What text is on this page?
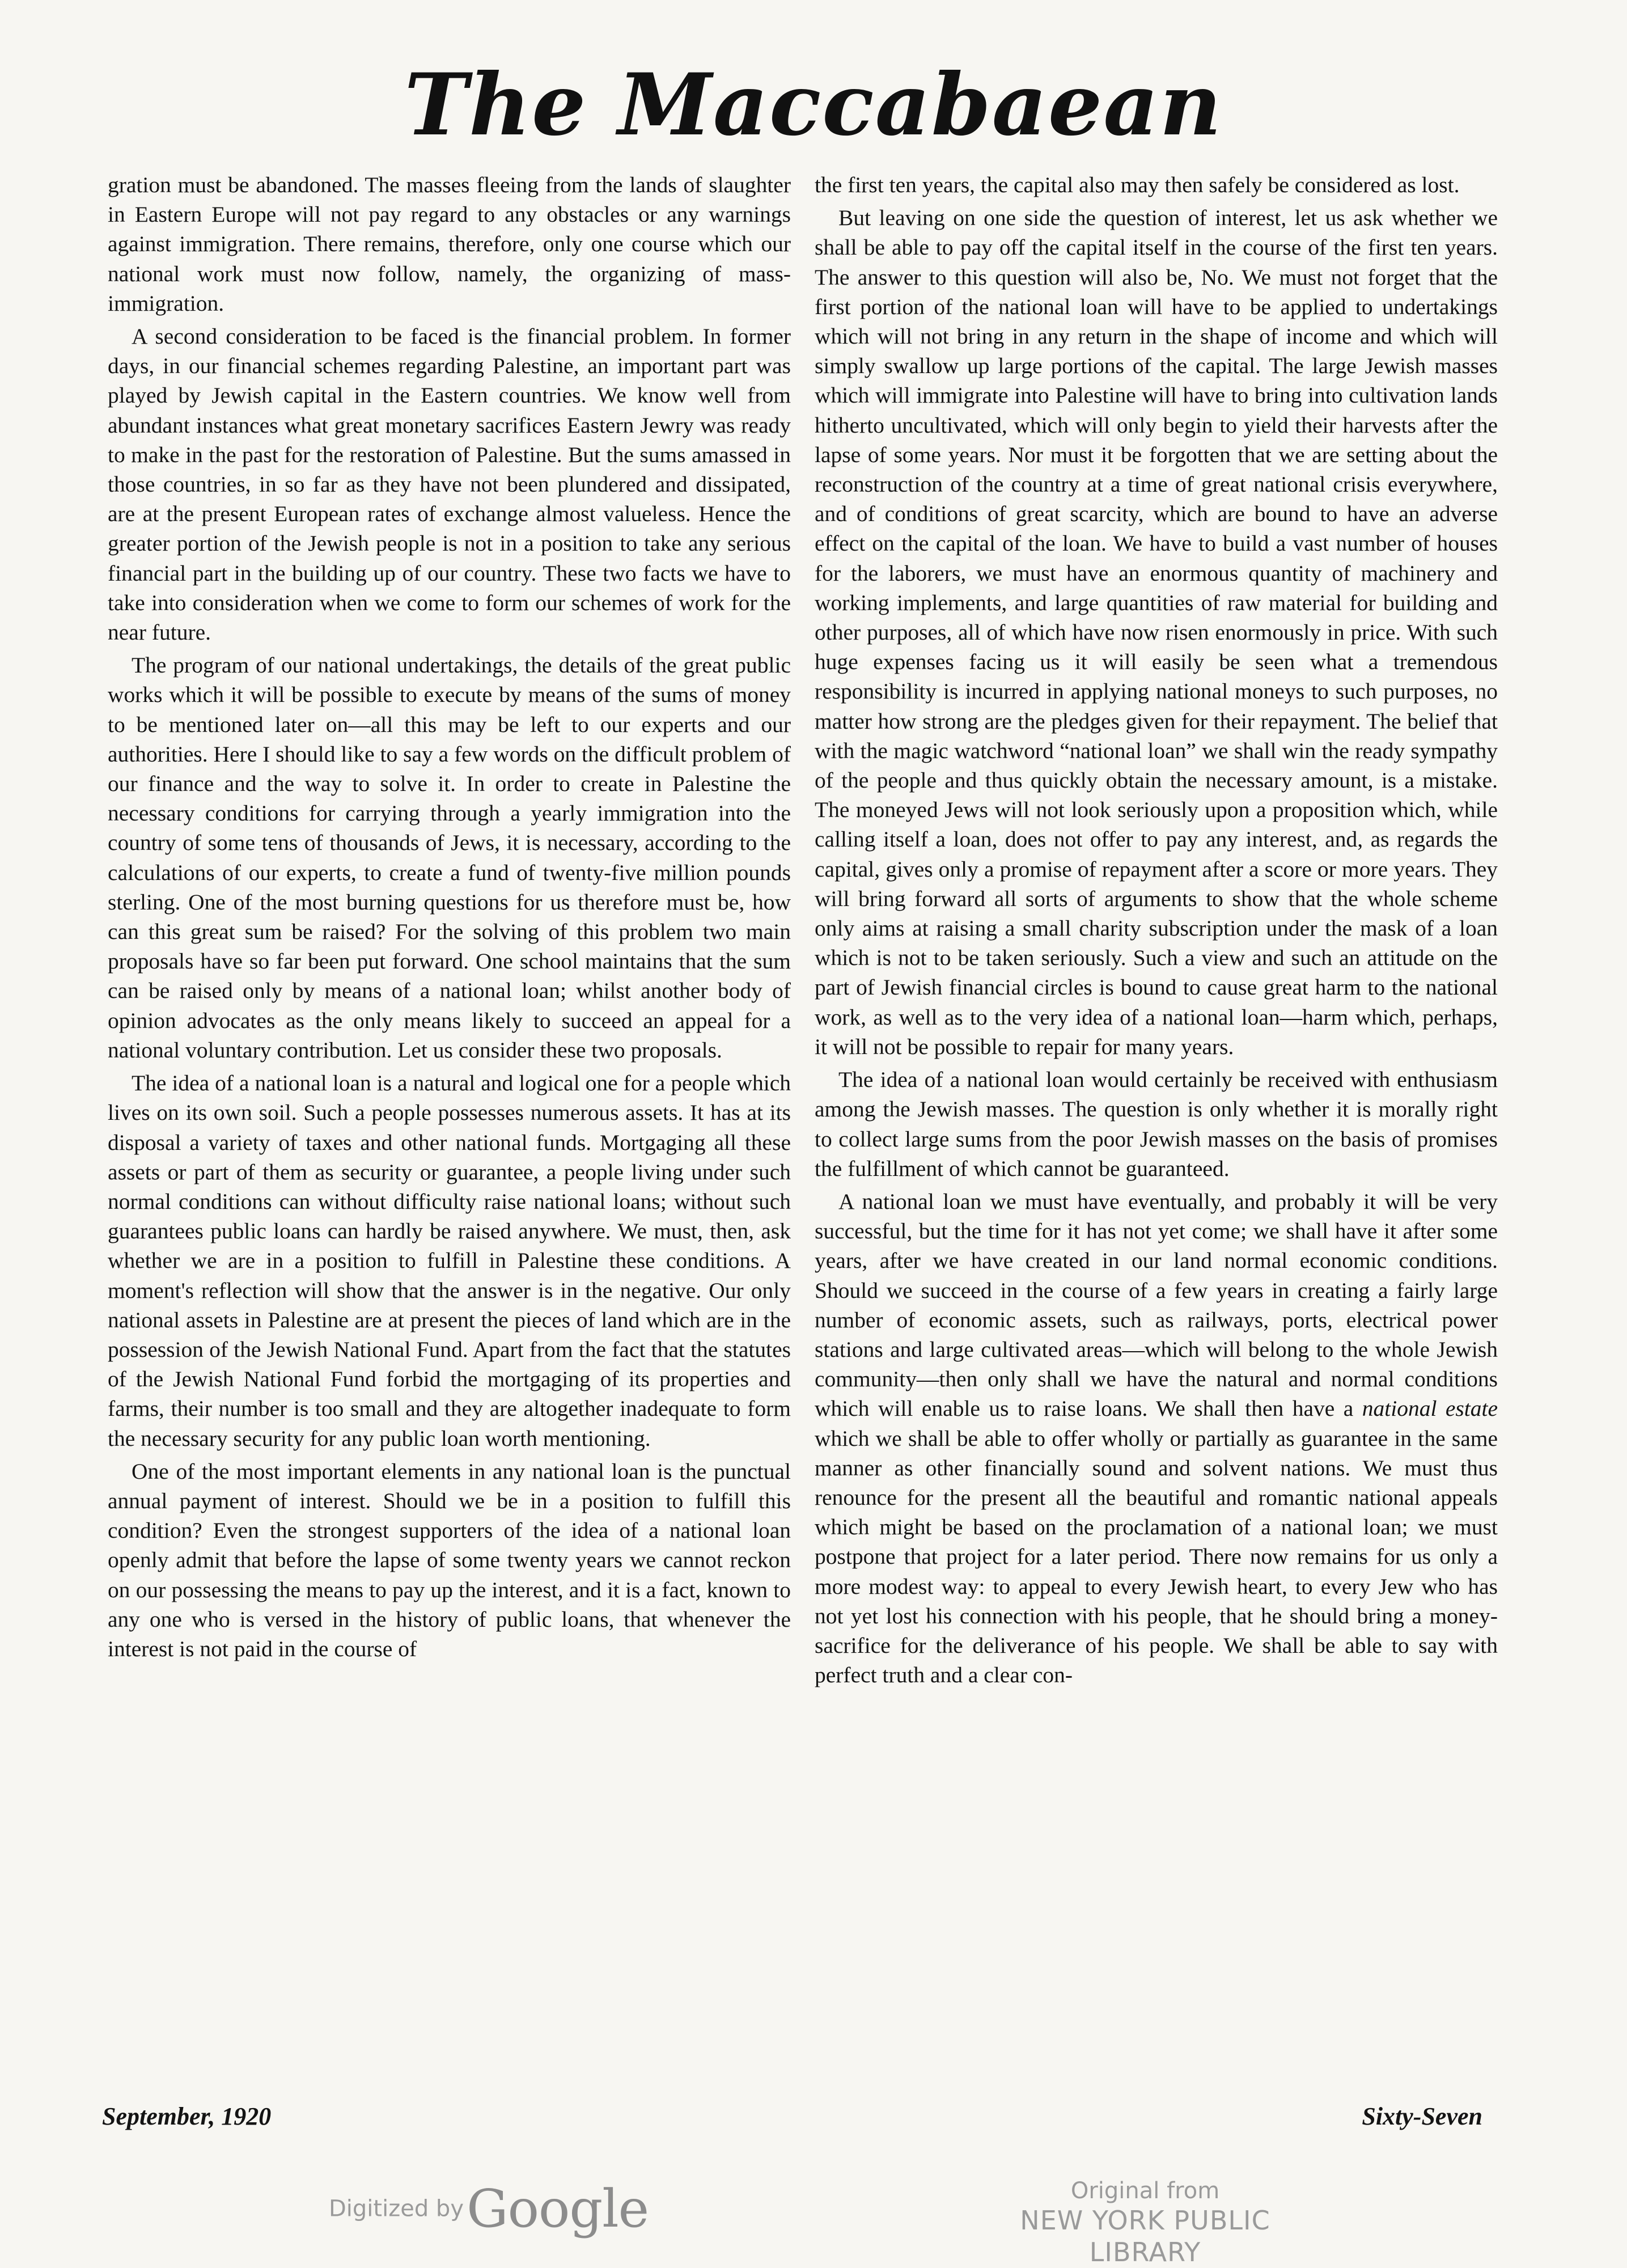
The Maccabaean

gration must be abandoned. The masses fleeing from the lands of slaughter in Eastern Europe will not pay regard to any obstacles or any warnings against immigration. There remains, therefore, only one course which our national work must now follow, namely, the organizing of mass-immigration.

A second consideration to be faced is the financial problem. In former days, in our financial schemes regarding Palestine, an important part was played by Jewish capital in the Eastern countries. We know well from abundant instances what great monetary sacrifices Eastern Jewry was ready to make in the past for the restoration of Palestine. But the sums amassed in those countries, in so far as they have not been plundered and dissipated, are at the present European rates of exchange almost valueless. Hence the greater portion of the Jewish people is not in a position to take any serious financial part in the building up of our country. These two facts we have to take into consideration when we come to form our schemes of work for the near future.

The program of our national undertakings, the details of the great public works which it will be possible to execute by means of the sums of money to be mentioned later on—all this may be left to our experts and our authorities. Here I should like to say a few words on the difficult problem of our finance and the way to solve it. In order to create in Palestine the necessary conditions for carrying through a yearly immigration into the country of some tens of thousands of Jews, it is necessary, according to the calculations of our experts, to create a fund of twenty-five million pounds sterling. One of the most burning questions for us therefore must be, how can this great sum be raised? For the solving of this problem two main proposals have so far been put forward. One school maintains that the sum can be raised only by means of a national loan; whilst another body of opinion advocates as the only means likely to succeed an appeal for a national voluntary contribution. Let us consider these two proposals.

The idea of a national loan is a natural and logical one for a people which lives on its own soil. Such a people possesses numerous assets. It has at its disposal a variety of taxes and other national funds. Mortgaging all these assets or part of them as security or guarantee, a people living under such normal conditions can without difficulty raise national loans; without such guarantees public loans can hardly be raised anywhere. We must, then, ask whether we are in a position to fulfill in Palestine these conditions. A moment's reflection will show that the answer is in the negative. Our only national assets in Palestine are at present the pieces of land which are in the possession of the Jewish National Fund. Apart from the fact that the statutes of the Jewish National Fund forbid the mortgaging of its properties and farms, their number is too small and they are altogether inadequate to form the necessary security for any public loan worth mentioning.

One of the most important elements in any national loan is the punctual annual payment of interest. Should we be in a position to fulfill this condition? Even the strongest supporters of the idea of a national loan openly admit that before the lapse of some twenty years we cannot reckon on our possessing the means to pay up the interest, and it is a fact, known to any one who is versed in the history of public loans, that whenever the interest is not paid in the course of

the first ten years, the capital also may then safely be considered as lost.

But leaving on one side the question of interest, let us ask whether we shall be able to pay off the capital itself in the course of the first ten years. The answer to this question will also be, No. We must not forget that the first portion of the national loan will have to be applied to undertakings which will not bring in any return in the shape of income and which will simply swallow up large portions of the capital. The large Jewish masses which will immigrate into Palestine will have to bring into cultivation lands hitherto uncultivated, which will only begin to yield their harvests after the lapse of some years. Nor must it be forgotten that we are setting about the reconstruction of the country at a time of great national crisis everywhere, and of conditions of great scarcity, which are bound to have an adverse effect on the capital of the loan. We have to build a vast number of houses for the laborers, we must have an enormous quantity of machinery and working implements, and large quantities of raw material for building and other purposes, all of which have now risen enormously in price. With such huge expenses facing us it will easily be seen what a tremendous responsibility is incurred in applying national moneys to such purposes, no matter how strong are the pledges given for their repayment. The belief that with the magic watchword “national loan” we shall win the ready sympathy of the people and thus quickly obtain the necessary amount, is a mistake. The moneyed Jews will not look seriously upon a proposition which, while calling itself a loan, does not offer to pay any interest, and, as regards the capital, gives only a promise of repayment after a score or more years. They will bring forward all sorts of arguments to show that the whole scheme only aims at raising a small charity subscription under the mask of a loan which is not to be taken seriously. Such a view and such an attitude on the part of Jewish financial circles is bound to cause great harm to the national work, as well as to the very idea of a national loan—harm which, perhaps, it will not be possible to repair for many years.

The idea of a national loan would certainly be received with enthusiasm among the Jewish masses. The question is only whether it is morally right to collect large sums from the poor Jewish masses on the basis of promises the fulfillment of which cannot be guaranteed.

A national loan we must have eventually, and probably it will be very successful, but the time for it has not yet come; we shall have it after some years, after we have created in our land normal economic conditions. Should we succeed in the course of a few years in creating a fairly large number of economic assets, such as railways, ports, electrical power stations and large cultivated areas—which will belong to the whole Jewish community—then only shall we have the natural and normal conditions which will enable us to raise loans. We shall then have a national estate which we shall be able to offer wholly or partially as guarantee in the same manner as other financially sound and solvent nations. We must thus renounce for the present all the beautiful and romantic national appeals which might be based on the proclamation of a national loan; we must postpone that project for a later period. There now remains for us only a more modest way: to appeal to every Jewish heart, to every Jew who has not yet lost his connection with his people, that he should bring a money-sacrifice for the deliverance of his people. We shall be able to say with perfect truth and a clear con-

September, 1920	Sixty-Seven
Digitized by Google	Original from
NEW YORK PUBLIC LIBRARY
